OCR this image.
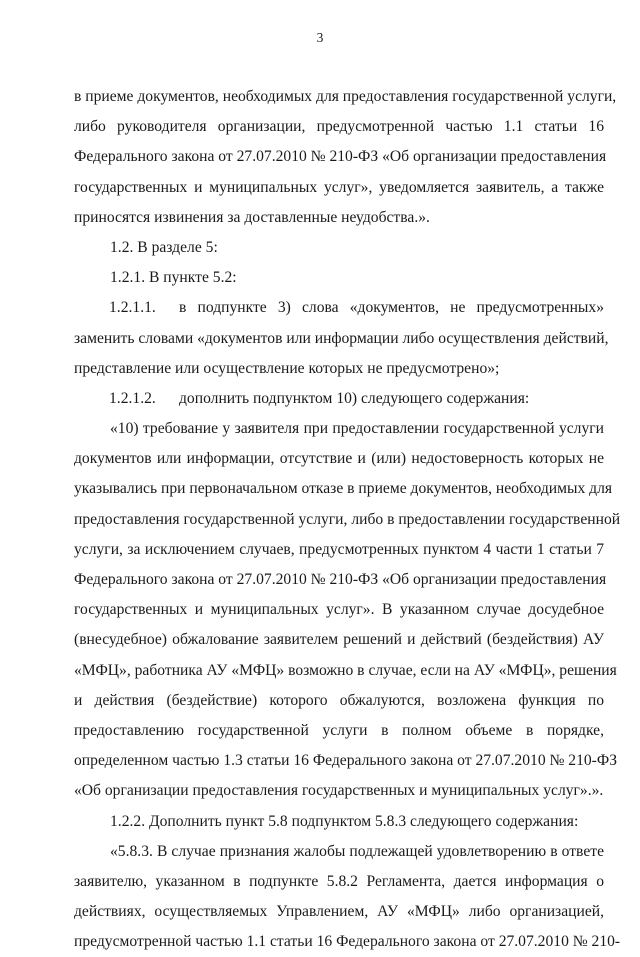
3
в приеме документов, необходимых для предоставления государственной услуги,
либо руководителя организации, предусмотренной частью 1.1 статьи 16
Федерального закона от 27.07.2010 № 210-ФЗ «Об организации предоставления
государственных и муниципальных услуг», уведомляется заявитель, а также
приносятся извинения за доставленные неудобства.».
1.2. В разделе 5:
1.2.1. В пункте 5.2:
1.2.1.1. в подпункте 3) слова «документов, не предусмотренных»
заменить словами «документов или информации либо осуществления действий,
представление или осуществление которых не предусмотрено»;
1.2.1.2. дополнить подпунктом 10) следующего содержания:
«10) требование у заявителя при предоставлении государственной услуги
документов или информации, отсутствие и (или) недостоверность которых не
указывались при первоначальном отказе в приеме документов, необходимых для
предоставления государственной услуги, либо в предоставлении государственной
услуги, за исключением случаев, предусмотренных пунктом 4 части 1 статьи 7
Федерального закона от 27.07.2010 № 210-ФЗ «Об организации предоставления
государственных и муниципальных услуг». В указанном случае досудебное
(внесудебное) обжалование заявителем решений и действий (бездействия) АУ
«МФЦ», работника АУ «МФЦ» возможно в случае, если на АУ «МФЦ», решения
и действия (бездействие) которого обжалуются, возложена функция по
предоставлению государственной услуги в полном объеме в порядке,
определенном частью 1.3 статьи 16 Федерального закона от 27.07.2010 № 210-ФЗ
«Об организации предоставления государственных и муниципальных услуг».».
1.2.2. Дополнить пункт 5.8 подпунктом 5.8.3 следующего содержания:
«5.8.3. В случае признания жалобы подлежащей удовлетворению в ответе
заявителю, указанном в подпункте 5.8.2 Регламента, дается информация о
действиях, осуществляемых Управлением, АУ «МФЦ» либо организацией,
предусмотренной частью 1.1 статьи 16 Федерального закона от 27.07.2010 № 210-
